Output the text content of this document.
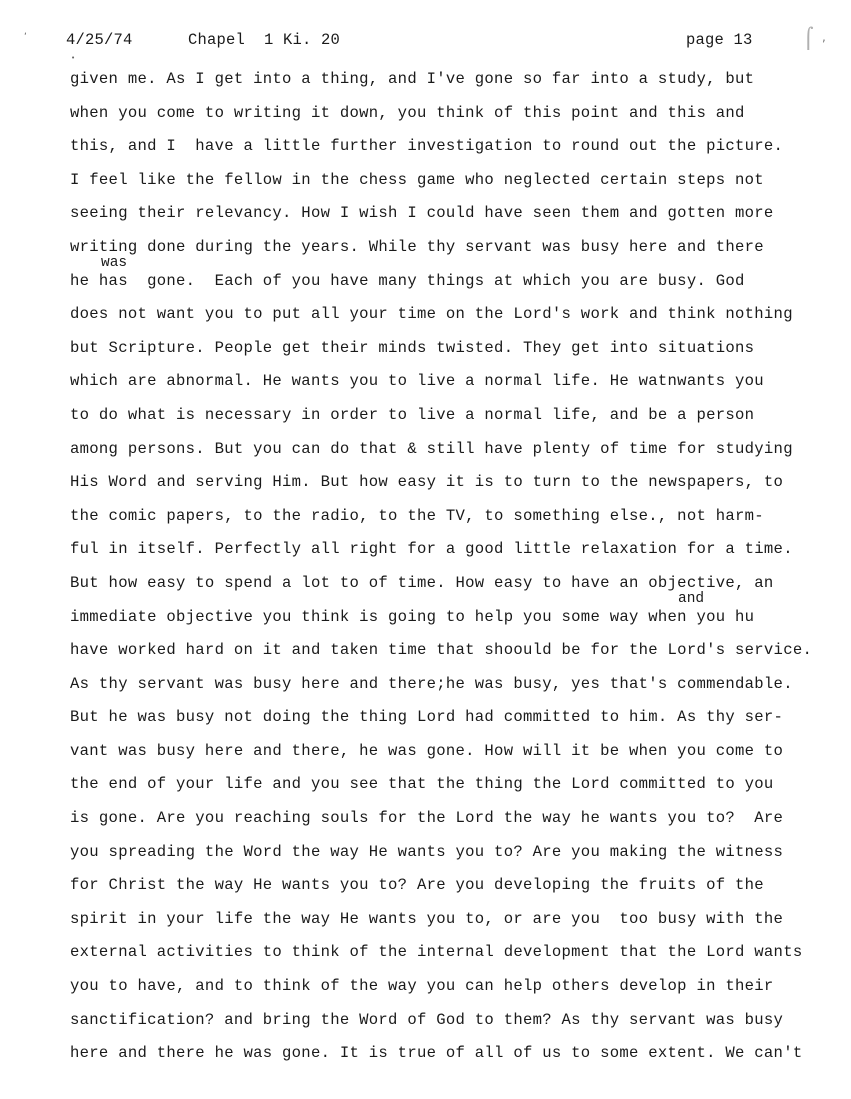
‘
•
⌠ ,
4/25/74	Chapel  1 Ki. 20	page 13
given me. As I get into a thing, and I've gone so far into a study, but
when you come to writing it down, you think of this point and this and
this, and I  have a little further investigation to round out the picture.
I feel like the fellow in the chess game who neglected certain steps not
seeing their relevancy. How I wish I could have seen them and gotten more
writing done during the years. While thy servant was busy here and there
he has  gone.  Each of you have many things at which you are busy. God
does not want you to put all your time on the Lord's work and think nothing
but Scripture. People get their minds twisted. They get into situations
which are abnormal. He wants you to live a normal life. He watnwants you
to do what is necessary in order to live a normal life, and be a person
among persons. But you can do that & still have plenty of time for studying
His Word and serving Him. But how easy it is to turn to the newspapers, to
the comic papers, to the radio, to the TV, to something else., not harm-
ful in itself. Perfectly all right for a good little relaxation for a time.
But how easy to spend a lot to of time. How easy to have an objective, an
immediate objective you think is going to help you some way when you hu
have worked hard on it and taken time that shoould be for the Lord's service.
As thy servant was busy here and there;he was busy, yes that's commendable.
But he was busy not doing the thing Lord had committed to him. As thy ser-
vant was busy here and there, he was gone. How will it be when you come to
the end of your life and you see that the thing the Lord committed to you
is gone. Are you reaching souls for the Lord the way he wants you to?  Are
you spreading the Word the way He wants you to? Are you making the witness
for Christ the way He wants you to? Are you developing the fruits of the
spirit in your life the way He wants you to, or are you  too busy with the
external activities to think of the internal development that the Lord wants
you to have, and to think of the way you can help others develop in their
sanctification? and bring the Word of God to them? As thy servant was busy
here and there he was gone. It is true of all of us to some extent. We can't
was
and
